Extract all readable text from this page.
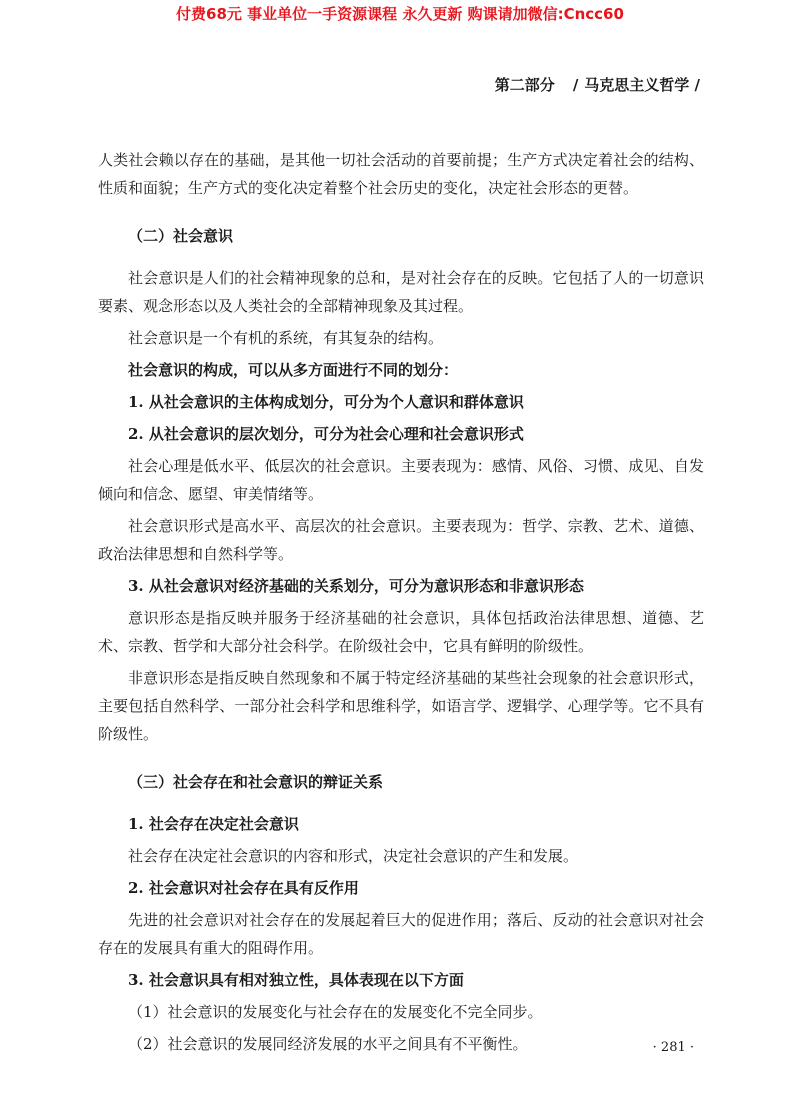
付费68元 事业单位一手资源课程 永久更新 购课请加微信:Cncc60
第二部分 / 马克思主义哲学 /

人类社会赖以存在的基础，是其他一切社会活动的首要前提；生产方式决定着社会的结构、性质和面貌；生产方式的变化决定着整个社会历史的变化，决定社会形态的更替。

（二）社会意识

社会意识是人们的社会精神现象的总和，是对社会存在的反映。它包括了人的一切意识要素、观念形态以及人类社会的全部精神现象及其过程。

社会意识是一个有机的系统，有其复杂的结构。

社会意识的构成，可以从多方面进行不同的划分：

1. 从社会意识的主体构成划分，可分为个人意识和群体意识

2. 从社会意识的层次划分，可分为社会心理和社会意识形式

社会心理是低水平、低层次的社会意识。主要表现为：感情、风俗、习惯、成见、自发倾向和信念、愿望、审美情绪等。

社会意识形式是高水平、高层次的社会意识。主要表现为：哲学、宗教、艺术、道德、政治法律思想和自然科学等。

3. 从社会意识对经济基础的关系划分，可分为意识形态和非意识形态

意识形态是指反映并服务于经济基础的社会意识，具体包括政治法律思想、道德、艺术、宗教、哲学和大部分社会科学。在阶级社会中，它具有鲜明的阶级性。

非意识形态是指反映自然现象和不属于特定经济基础的某些社会现象的社会意识形式，主要包括自然科学、一部分社会科学和思维科学，如语言学、逻辑学、心理学等。它不具有阶级性。

（三）社会存在和社会意识的辩证关系

1. 社会存在决定社会意识

社会存在决定社会意识的内容和形式，决定社会意识的产生和发展。

2. 社会意识对社会存在具有反作用

先进的社会意识对社会存在的发展起着巨大的促进作用；落后、反动的社会意识对社会存在的发展具有重大的阻碍作用。

3. 社会意识具有相对独立性，具体表现在以下方面

（1）社会意识的发展变化与社会存在的发展变化不完全同步。

（2）社会意识的发展同经济发展的水平之间具有不平衡性。	· 281 ·
